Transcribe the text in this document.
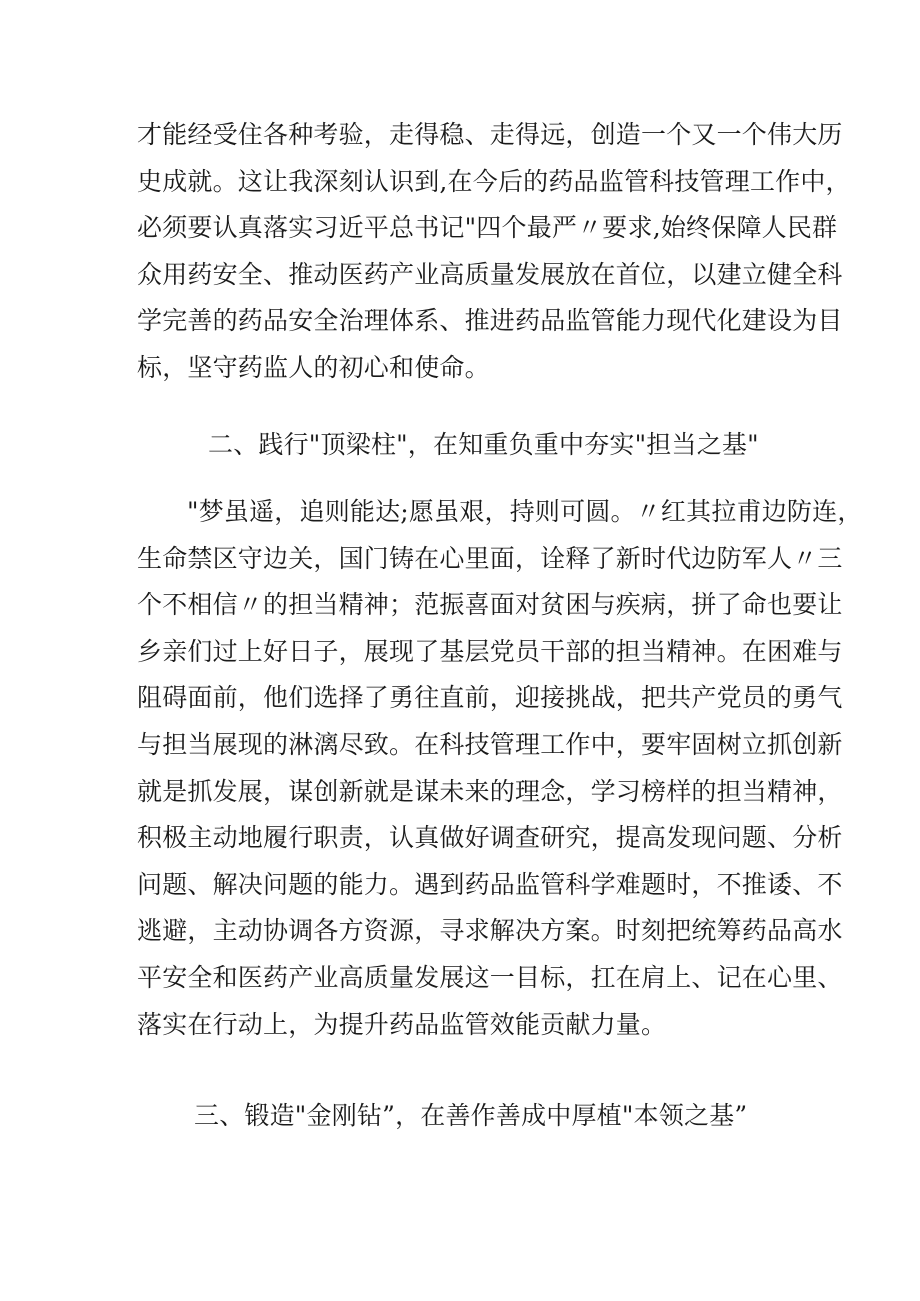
才能经受住各种考验，走得稳、走得远，创造一个又一个伟大历
史成就。这让我深刻认识到,在今后的药品监管科技管理工作中，
必须要认真落实习近平总书记"四个最严〃要求,始终保障人民群
众用药安全、推动医药产业高质量发展放在首位，以建立健全科
学完善的药品安全治理体系、推进药品监管能力现代化建设为目
标，坚守药监人的初心和使命。
二、践行"顶梁柱"，在知重负重中夯实"担当之基"
"梦虽遥，追则能达;愿虽艰，持则可圆。〃红其拉甫边防连，
生命禁区守边关，国门铸在心里面，诠释了新时代边防军人〃三
个不相信〃的担当精神；范振喜面对贫困与疾病，拼了命也要让
乡亲们过上好日子，展现了基层党员干部的担当精神。在困难与
阻碍面前，他们选择了勇往直前，迎接挑战，把共产党员的勇气
与担当展现的淋漓尽致。在科技管理工作中，要牢固树立抓创新
就是抓发展，谋创新就是谋未来的理念，学习榜样的担当精神，
积极主动地履行职责，认真做好调查研究，提高发现问题、分析
问题、解决问题的能力。遇到药品监管科学难题时，不推诿、不
逃避，主动协调各方资源，寻求解决方案。时刻把统筹药品高水
平安全和医药产业高质量发展这一目标，扛在肩上、记在心里、
落实在行动上，为提升药品监管效能贡献力量。
三、锻造"金刚钻”，在善作善成中厚植"本领之基”
